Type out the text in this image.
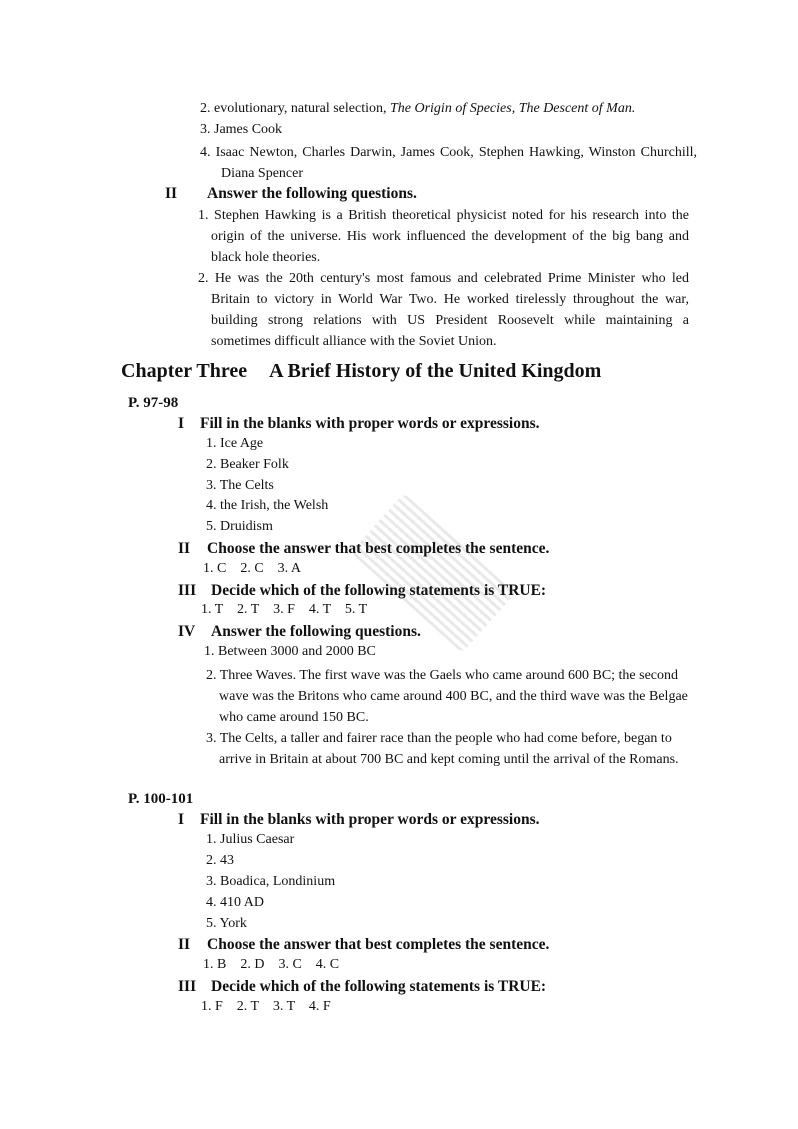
2. evolutionary, natural selection, The Origin of Species, The Descent of Man.
3. James Cook
4. Isaac Newton, Charles Darwin, James Cook, Stephen Hawking, Winston Churchill, Diana Spencer
II Answer the following questions.
1. Stephen Hawking is a British theoretical physicist noted for his research into the origin of the universe. His work influenced the development of the big bang and black hole theories.
2. He was the 20th century's most famous and celebrated Prime Minister who led Britain to victory in World War Two. He worked tirelessly throughout the war, building strong relations with US President Roosevelt while maintaining a sometimes difficult alliance with the Soviet Union.
Chapter Three A Brief History of the United Kingdom
P. 97-98
I Fill in the blanks with proper words or expressions.
1. Ice Age
2. Beaker Folk
3. The Celts
4. the Irish, the Welsh
5. Druidism
II Choose the answer that best completes the sentence.
1. C    2. C    3. A
III Decide which of the following statements is TRUE:
1. T    2. T    3. F    4. T    5. T
IV Answer the following questions.
1. Between 3000 and 2000 BC
2. Three Waves. The first wave was the Gaels who came around 600 BC; the second wave was the Britons who came around 400 BC, and the third wave was the Belgae who came around 150 BC.
3. The Celts, a taller and fairer race than the people who had come before, began to arrive in Britain at about 700 BC and kept coming until the arrival of the Romans.
P. 100-101
I Fill in the blanks with proper words or expressions.
1. Julius Caesar
2. 43
3. Boadica, Londinium
4. 410 AD
5. York
II Choose the answer that best completes the sentence.
1. B    2. D    3. C    4. C
III Decide which of the following statements is TRUE:
1. F    2. T    3. T    4. F
